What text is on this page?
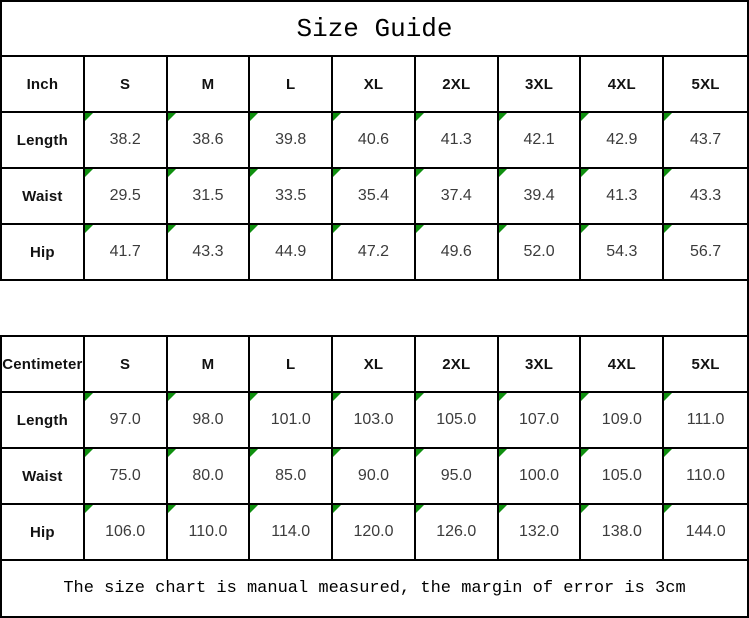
Size Guide
Inch	S	M	L	XL	2XL	3XL	4XL	5XL
Length	38.2	38.6	39.8	40.6	41.3	42.1	42.9	43.7
Waist	29.5	31.5	33.5	35.4	37.4	39.4	41.3	43.3
Hip	41.7	43.3	44.9	47.2	49.6	52.0	54.3	56.7
Centimeter	S	M	L	XL	2XL	3XL	4XL	5XL
Length	97.0	98.0	101.0	103.0	105.0	107.0	109.0	111.0
Waist	75.0	80.0	85.0	90.0	95.0	100.0	105.0	110.0
Hip	106.0	110.0	114.0	120.0	126.0	132.0	138.0	144.0
The size chart is manual measured, the margin of error is 3cm
